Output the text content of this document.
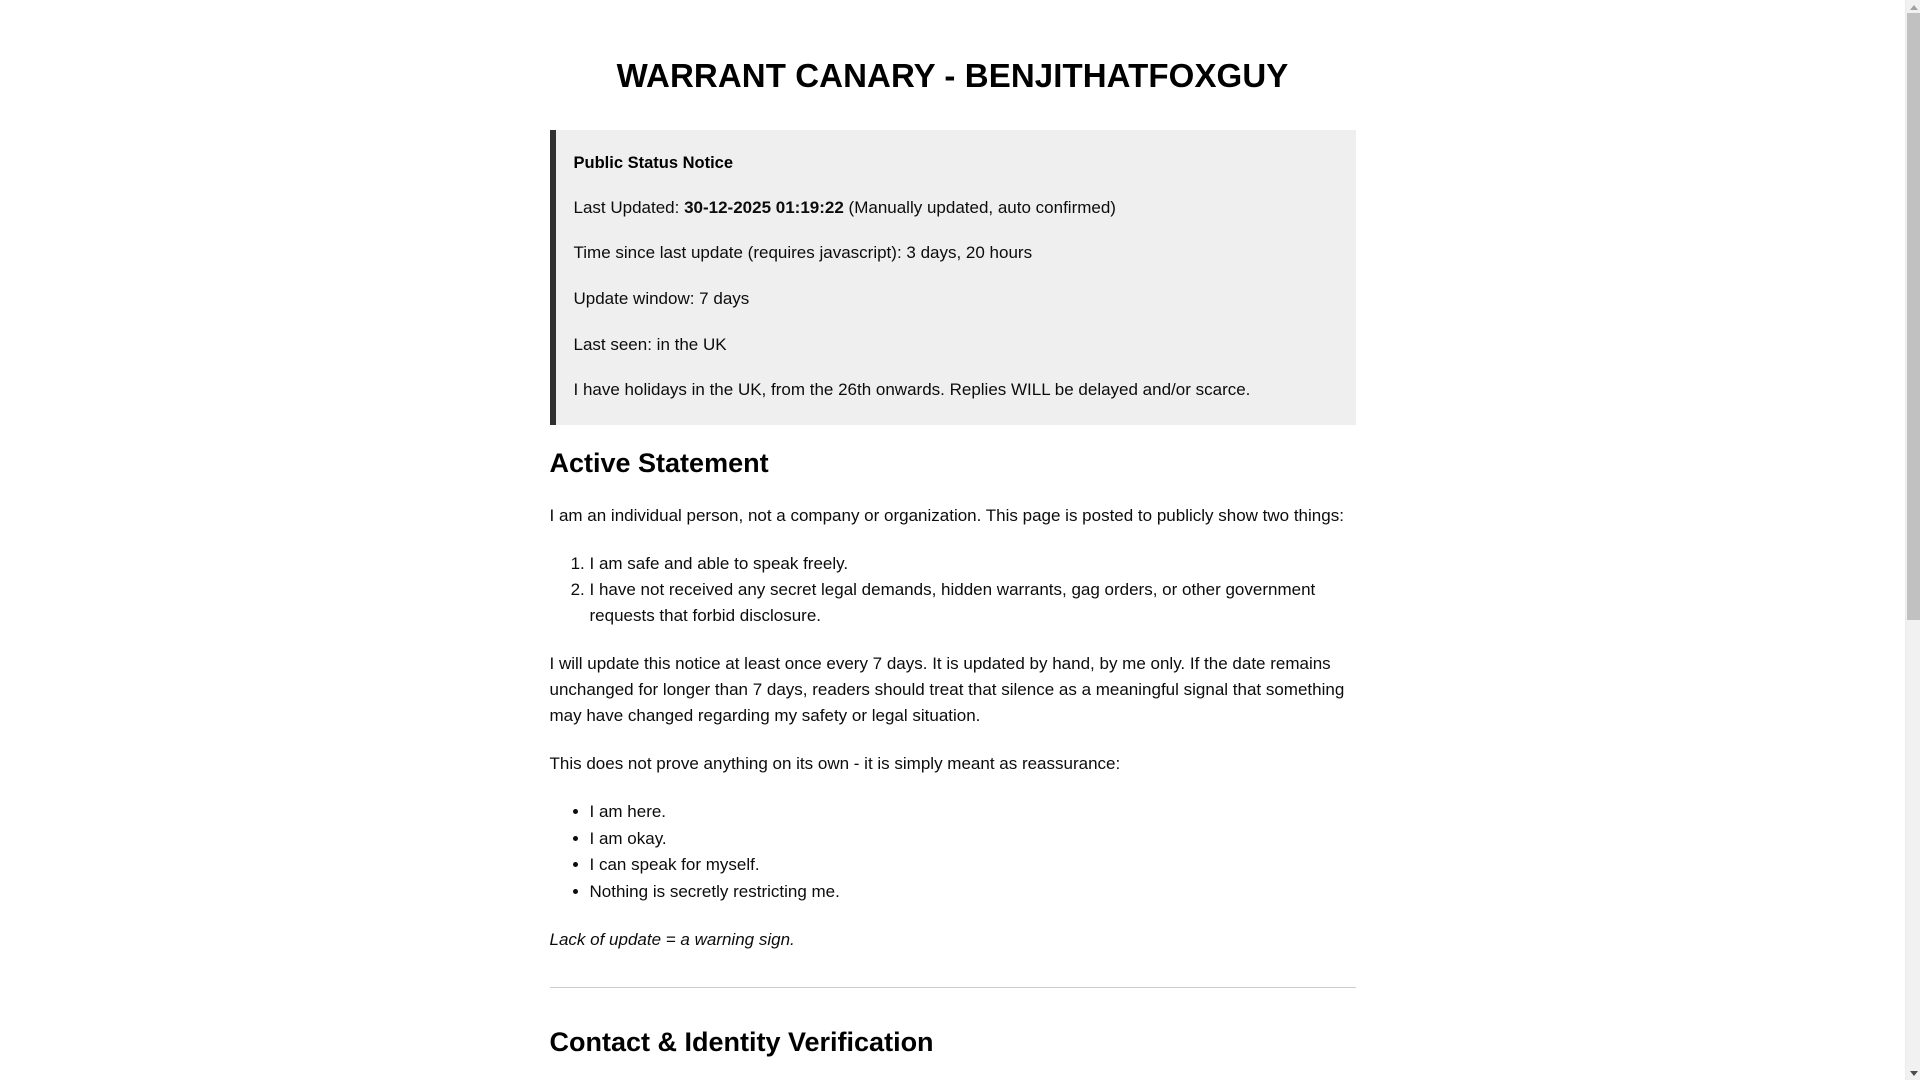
WARRANT CANARY - BENJITHATFOXGUY
Public Status Notice
Last Updated: 30-12-2025 01:19:22 (Manually updated, auto confirmed)
Time since last update (requires javascript): 3 days, 20 hours
Update window: 7 days
Last seen: in the UK
I have holidays in the UK, from the 26th onwards. Replies WILL be delayed and/or scarce.
Active Statement

I am an individual person, not a company or organization. This page is posted to publicly show two things:

1. I am safe and able to speak freely.
2. I have not received any secret legal demands, hidden warrants, gag orders, or other government requests that forbid disclosure.

I will update this notice at least once every 7 days. It is updated by hand, by me only. If the date remains unchanged for longer than 7 days, readers should treat that silence as a meaningful signal that something may have changed regarding my safety or legal situation.

This does not prove anything on its own - it is simply meant as reassurance:

• I am here.
• I am okay.
• I can speak for myself.
• Nothing is secretly restricting me.

Lack of update = a warning sign.

Contact & Identity Verification
